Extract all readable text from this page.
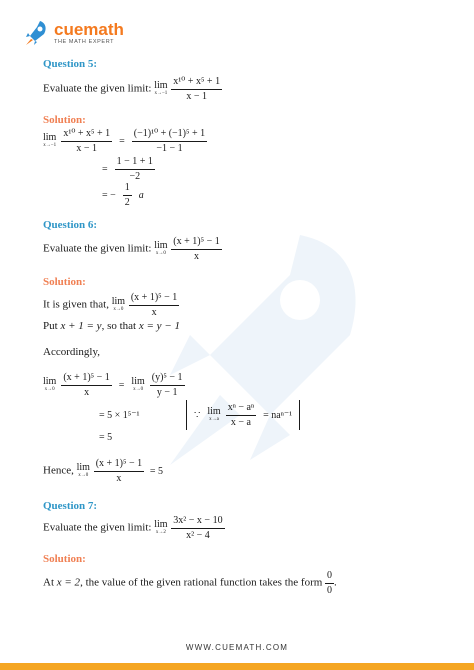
cuemath
THE MATH EXPERT
Question 5:
Evaluate the given limit: lim
x→−1
$\frac{\text{x¹⁰ + x⁵ + 1}}{x - 1}$
Solution:
lim
x→−1
$\frac{\text{x¹⁰ + x⁵ + 1}}{x - 1} = \frac{\text{(−1)¹⁰ + (−1)⁵ + 1}}{-1 - 1}$
= $\frac{1 - 1 + 1}{-2}$
= − $\frac{1}{2}$ a
Question 6:
Evaluate the given limit: lim
x→0
$\frac{\text{(x + 1)⁵ − 1}}{x}$
Solution:
It is given that, lim
x→0
$\frac{\text{(x + 1)⁵ − 1}}{x}$
Put x + 1 = y, so that x = y − 1
Accordingly,
lim
x→0
$\frac{\text{(x + 1)⁵ − 1}}{x} = \lim$
x→0
$\frac{\text{(y)⁵ − 1}}{y - 1}$
= 5 × 1⁵⁻¹	∵ lim
x→a
$\frac{\text{xⁿ − aⁿ}}{x - a} = na^{n-1}$
= 5
Hence, lim
x→0
$\frac{\text{(x + 1)⁵ − 1}}{x} = 5$
Question 7:
Evaluate the given limit: lim
x→2
$\frac{\text{3x² − x − 10}}{\text{x² − 4}}$
Solution:
At x = 2, the value of the given rational function takes the form $\frac{0}{0}$ .
WWW.CUEMATH.COM
